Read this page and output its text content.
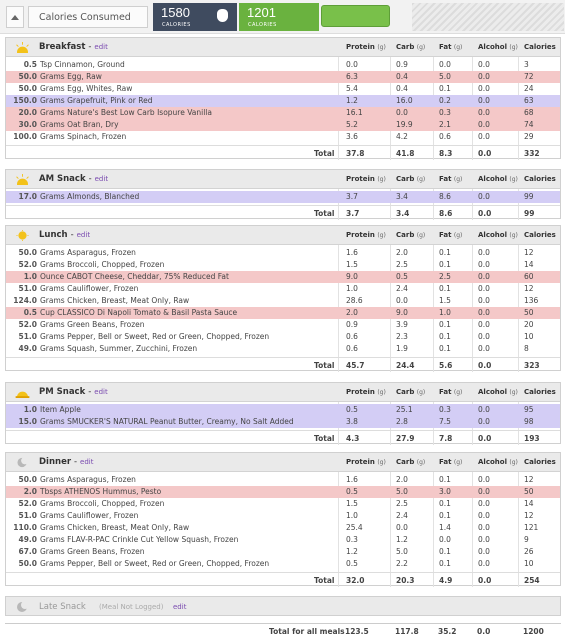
Calories Consumed	1580
CALORIES
1201
CALORIES
Breakfast - edit	Protein (g) Carb (g) Fat (g) Alcohol (g) Calories
0.5 Tsp Cinnamon, Ground	0.0	0.9	0.0	0.0	3
50.0 Grams Egg, Raw	6.3	0.4	5.0	0.0	72
50.0 Grams Egg, Whites, Raw	5.4	0.4	0.1	0.0	24
150.0 Grams Grapefruit, Pink or Red	1.2	16.0	0.2	0.0	63
20.0 Grams Nature's Best Low Carb Isopure Vanilla	16.1	0.0	0.3	0.0	68
30.0 Grams Oat Bran, Dry	5.2	19.9	2.1	0.0	74
100.0 Grams Spinach, Frozen	3.6	4.2	0.6	0.0	29
Total 37.8	41.8	8.3	0.0	332
AM Snack - edit	Protein (g) Carb (g) Fat (g) Alcohol (g) Calories
17.0 Grams Almonds, Blanched	3.7	3.4	8.6	0.0	99
Total 3.7	3.4	8.6	0.0	99
Lunch - edit	Protein (g) Carb (g) Fat (g) Alcohol (g) Calories
50.0 Grams Asparagus, Frozen	1.6	2.0	0.1	0.0	12
52.0 Grams Broccoli, Chopped, Frozen	1.5	2.5	0.1	0.0	14
1.0 Ounce CABOT Cheese, Cheddar, 75% Reduced Fat	9.0	0.5	2.5	0.0	60
51.0 Grams Cauliflower, Frozen	1.0	2.4	0.1	0.0	12
124.0 Grams Chicken, Breast, Meat Only, Raw	28.6	0.0	1.5	0.0	136
0.5 Cup CLASSICO Di Napoli Tomato & Basil Pasta Sauce	2.0	9.0	1.0	0.0	50
52.0 Grams Green Beans, Frozen	0.9	3.9	0.1	0.0	20
51.0 Grams Pepper, Bell or Sweet, Red or Green, Chopped, Frozen	0.6	2.3	0.1	0.0	10
49.0 Grams Squash, Summer, Zucchini, Frozen	0.6	1.9	0.1	0.0	8
Total 45.7	24.4	5.6	0.0	323
PM Snack - edit	Protein (g) Carb (g) Fat (g) Alcohol (g) Calories
1.0 Item Apple	0.5	25.1	0.3	0.0	95
15.0 Grams SMUCKER'S NATURAL Peanut Butter, Creamy, No Salt Added	3.8	2.8	7.5	0.0	98
Total 4.3	27.9	7.8	0.0	193
Dinner - edit	Protein (g) Carb (g) Fat (g) Alcohol (g) Calories
50.0 Grams Asparagus, Frozen	1.6	2.0	0.1	0.0	12
2.0 Tbsps ATHENOS Hummus, Pesto	0.5	5.0	3.0	0.0	50
52.0 Grams Broccoli, Chopped, Frozen	1.5	2.5	0.1	0.0	14
51.0 Grams Cauliflower, Frozen	1.0	2.4	0.1	0.0	12
110.0 Grams Chicken, Breast, Meat Only, Raw	25.4	0.0	1.4	0.0	121
49.0 Grams FLAV-R-PAC Crinkle Cut Yellow Squash, Frozen	0.3	1.2	0.0	0.0	9
67.0 Grams Green Beans, Frozen	1.2	5.0	0.1	0.0	26
50.0 Grams Pepper, Bell or Sweet, Red or Green, Chopped, Frozen	0.5	2.2	0.1	0.0	10
Total 32.0	20.3	4.9	0.0	254
Late Snack (Meal Not Logged) edit
Total for all meals 123.5	117.8	35.2	0.0	1200
